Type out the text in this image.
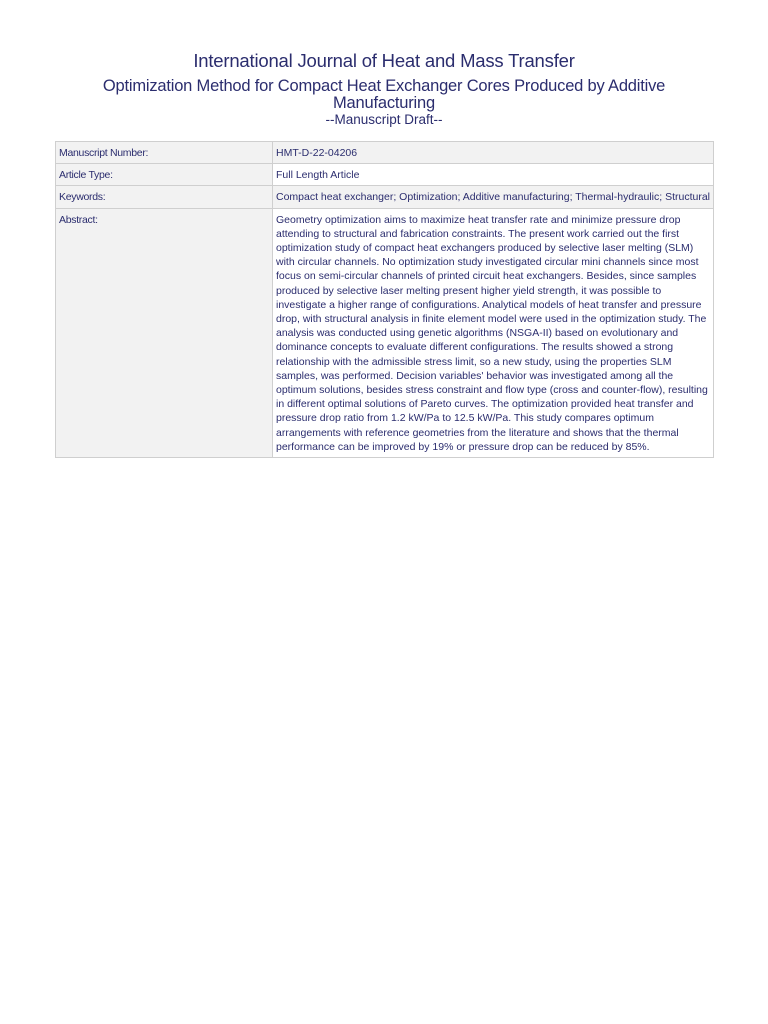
International Journal of Heat and Mass Transfer
Optimization Method for Compact Heat Exchanger Cores Produced by Additive Manufacturing
--Manuscript Draft--
Manuscript Number:	HMT-D-22-04206
Article Type:	Full Length Article
Keywords:	Compact heat exchanger; Optimization; Additive manufacturing; Thermal-hydraulic; Structural
Abstract:	Geometry optimization aims to maximize heat transfer rate and minimize pressure drop attending to structural and fabrication constraints. The present work carried out the first optimization study of compact heat exchangers produced by selective laser melting (SLM) with circular channels. No optimization study investigated circular mini channels since most focus on semi-circular channels of printed circuit heat exchangers. Besides, since samples produced by selective laser melting present higher yield strength, it was possible to investigate a higher range of configurations. Analytical models of heat transfer and pressure drop, with structural analysis in finite element model were used in the optimization study. The analysis was conducted using genetic algorithms (NSGA-II) based on evolutionary and dominance concepts to evaluate different configurations. The results showed a strong relationship with the admissible stress limit, so a new study, using the properties SLM samples, was performed. Decision variables' behavior was investigated among all the optimum solutions, besides stress constraint and flow type (cross and counter-flow), resulting in different optimal solutions of Pareto curves. The optimization provided heat transfer and pressure drop ratio from 1.2 kW/Pa to 12.5 kW/Pa. This study compares optimum arrangements with reference geometries from the literature and shows that the thermal performance can be improved by 19% or pressure drop can be reduced by 85%.
